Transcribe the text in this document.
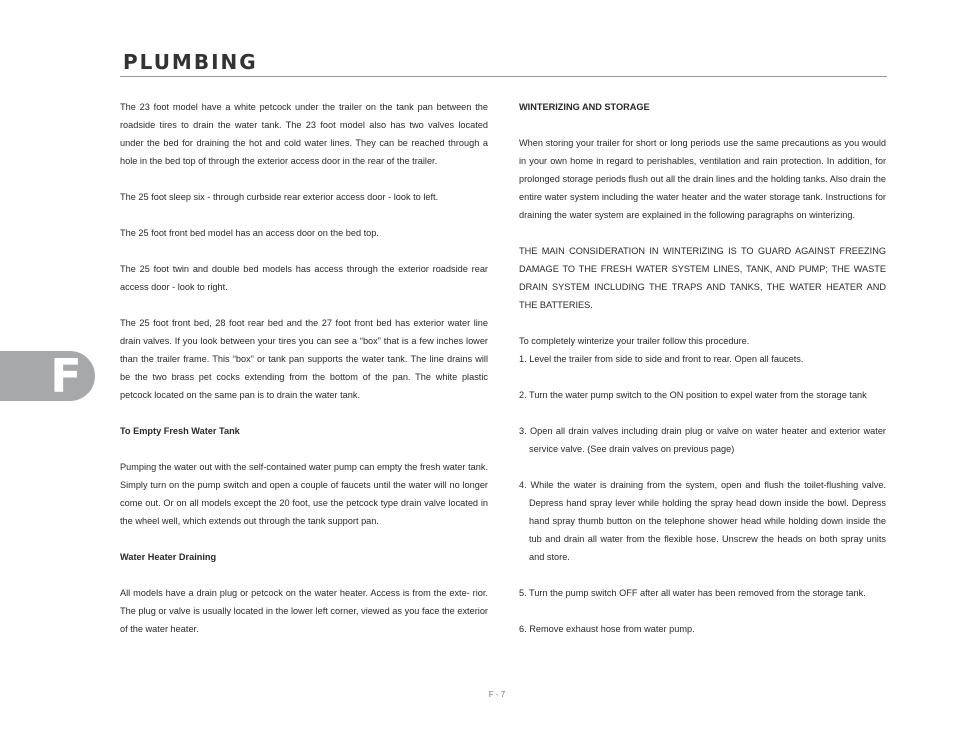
PLUMBING
F

The 23 foot model have a white petcock under the trailer on the tank pan between the roadside tires to drain the water tank. The 23 foot model also has two valves located under the bed for draining the hot and cold water lines. They can be reached through a hole in the bed top of through the exterior access door in the rear of the trailer.

The 25 foot sleep six - through curbside rear exterior access door - look to left.

The 25 foot front bed model has an access door on the bed top.

The 25 foot twin and double bed models has access through the exterior roadside rear access door - look to right.

The 25 foot front bed, 28 foot rear bed and the 27 foot front bed has exterior water line drain valves. If you look between your tires you can see a “box” that is a few inches lower than the trailer frame. This “box” or tank pan supports the water tank. The line drains will be the two brass pet cocks extending from the bottom of the pan. The white plastic petcock located on the same pan is to drain the water tank.

To Empty Fresh Water Tank

Pumping the water out with the self-contained water pump can empty the fresh water tank. Simply turn on the pump switch and open a couple of faucets until the water will no longer come out. Or on all models except the 20 foot, use the petcock type drain valve located in the wheel well, which extends out through the tank support pan.

Water Heater Draining

All models have a drain plug or petcock on the water heater. Access is from the exte- rior. The plug or valve is usually located in the lower left corner, viewed as you face the exterior of the water heater.

WINTERIZING AND STORAGE

When storing your trailer for short or long periods use the same precautions as you would in your own home in regard to perishables, ventilation and rain protection. In addition, for prolonged storage periods flush out all the drain lines and the holding tanks. Also drain the entire water system including the water heater and the water storage tank. Instructions for draining the water system are explained in the following paragraphs on winterizing.

THE MAIN CONSIDERATION IN WINTERIZING IS TO GUARD AGAINST FREEZING DAMAGE TO THE FRESH WATER SYSTEM LINES, TANK, AND PUMP; THE WASTE DRAIN SYSTEM INCLUDING THE TRAPS AND TANKS, THE WATER HEATER AND THE BATTERIES.

To completely winterize your trailer follow this procedure.

1. Level the trailer from side to side and front to rear. Open all faucets.

2. Turn the water pump switch to the ON position to expel water from the storage tank

3. Open all drain valves including drain plug or valve on water heater and exterior water service valve. (See drain valves on previous page)

4. While the water is draining from the system, open and flush the toilet-flushing valve. Depress hand spray lever while holding the spray head down inside the bowl. Depress hand spray thumb button on the telephone shower head while holding down inside the tub and drain all water from the flexible hose. Unscrew the heads on both spray units and store.

5. Turn the pump switch OFF after all water has been removed from the storage tank.

6. Remove exhaust hose from water pump.

F - 7
